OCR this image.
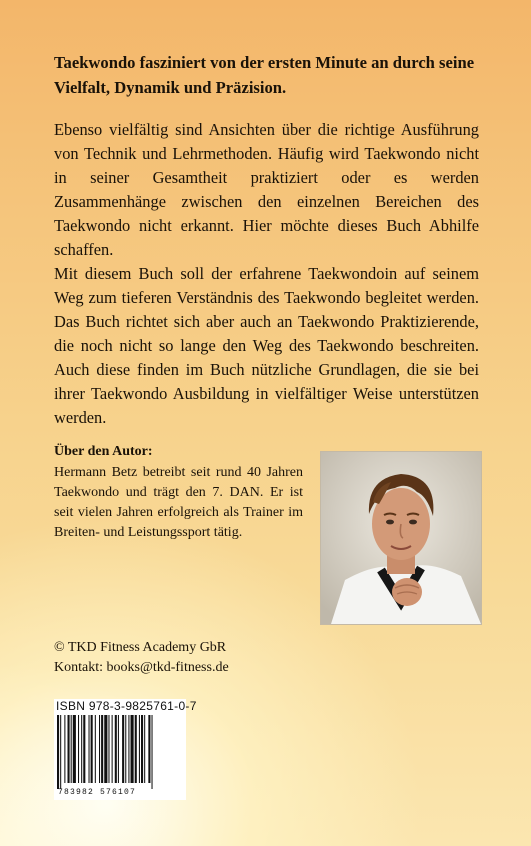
Taekwondo fasziniert von der ersten Minute an durch seine Vielfalt, Dynamik und Präzision.

Ebenso vielfältig sind Ansichten über die richtige Ausführung von Technik und Lehrmethoden. Häufig wird Taekwondo nicht in seiner Gesamtheit praktiziert oder es werden Zusammenhänge zwischen den einzelnen Bereichen des Taekwondo nicht erkannt. Hier möchte dieses Buch Abhilfe schaffen.

Mit diesem Buch soll der erfahrene Taekwondoin auf seinem Weg zum tieferen Verständnis des Taekwondo begleitet werden. Das Buch richtet sich aber auch an Taekwondo Praktizierende, die noch nicht so lange den Weg des Taekwondo beschreiten. Auch diese finden im Buch nützliche Grundlagen, die sie bei ihrer Taekwondo Ausbildung in vielfältiger Weise unterstützen werden.

Über den Autor:

Hermann Betz betreibt seit rund 40 Jahren Taekwondo und trägt den 7. DAN. Er ist seit vielen Jahren erfolgreich als Trainer im Breiten- und Leistungssport tätig.

© TKD Fitness Academy GbR
Kontakt: books@tkd-fitness.de
ISBN 978-3-9825761-0-7
783982 576107
